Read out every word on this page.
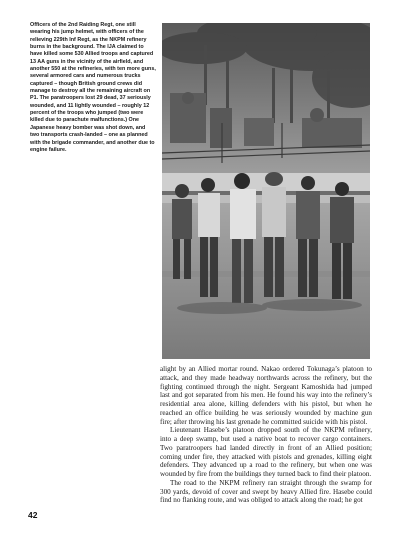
Officers of the 2nd Raiding Regt, one still wearing his jump helmet, with officers of the relieving 229th Inf Regt, as the NKPM refinery burns in the background. The IJA claimed to have killed some 530 Allied troops and captured 13 AA guns in the vicinity of the airfield, and another 550 at the refineries, with ten more guns, several armored cars and numerous trucks captured – though British ground crews did manage to destroy all the remaining aircraft on P1. The paratroopers lost 29 dead, 37 seriously wounded, and 11 lightly wounded – roughly 12 percent of the troops who jumped (two were killed due to parachute malfunctions.) One Japanese heavy bomber was shot down, and two transports crash-landed – one as planned with the brigade commander, and another due to engine failure.

alight by an Allied mortar round. Nakao ordered Tokunaga’s platoon to attack, and they made headway northwards across the refinery, but the fighting continued through the night. Sergeant Kamoshida had jumped last and got separated from his men. He found his way into the refinery’s residential area alone, killing defenders with his pistol, but when he reached an office building he was seriously wounded by machine gun fire; after throwing his last grenade he committed suicide with his pistol.

Lieutenant Hasebe’s platoon dropped south of the NKPM refinery, into a deep swamp, but used a native boat to recover cargo containers. Two paratroopers had landed directly in front of an Allied position; coming under fire, they attacked with pistols and grenades, killing eight defenders. They advanced up a road to the refinery, but when one was wounded by fire from the buildings they turned back to find their platoon.

The road to the NKPM refinery ran straight through the swamp for 300 yards, devoid of cover and swept by heavy Allied fire. Hasebe could find no flanking route, and was obliged to attack along the road; he got

42
